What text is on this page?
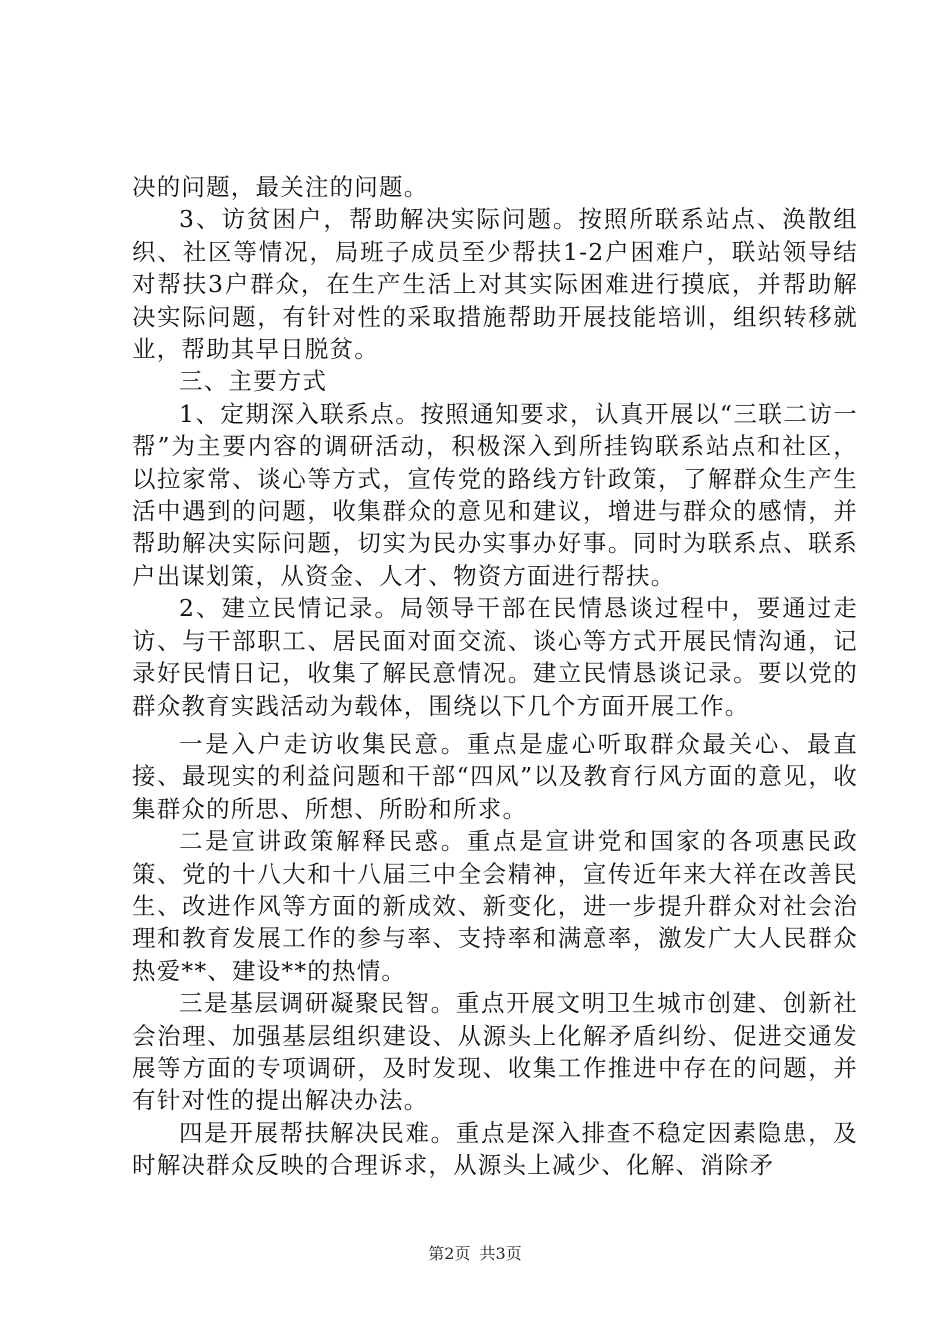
决的问题，最关注的问题。

3、访贫困户，帮助解决实际问题。按照所联系站点、涣散组织、社区等情况，局班子成员至少帮扶1-2户困难户，联站领导结对帮扶3户群众，在生产生活上对其实际困难进行摸底，并帮助解决实际问题，有针对性的采取措施帮助开展技能培训，组织转移就业，帮助其早日脱贫。

三、主要方式

1、定期深入联系点。按照通知要求，认真开展以“三联二访一帮”为主要内容的调研活动，积极深入到所挂钩联系站点和社区，以拉家常、谈心等方式，宣传党的路线方针政策，了解群众生产生活中遇到的问题，收集群众的意见和建议，增进与群众的感情，并帮助解决实际问题，切实为民办实事办好事。同时为联系点、联系户出谋划策，从资金、人才、物资方面进行帮扶。

2、建立民情记录。局领导干部在民情恳谈过程中，要通过走访、与干部职工、居民面对面交流、谈心等方式开展民情沟通，记录好民情日记，收集了解民意情况。建立民情恳谈记录。要以党的群众教育实践活动为载体，围绕以下几个方面开展工作。

一是入户走访收集民意。重点是虚心听取群众最关心、最直接、最现实的利益问题和干部“四风”以及教育行风方面的意见，收集群众的所思、所想、所盼和所求。

二是宣讲政策解释民惑。重点是宣讲党和国家的各项惠民政策、党的十八大和十八届三中全会精神，宣传近年来大祥在改善民生、改进作风等方面的新成效、新变化，进一步提升群众对社会治理和教育发展工作的参与率、支持率和满意率，激发广大人民群众热爱**、建设**的热情。

三是基层调研凝聚民智。重点开展文明卫生城市创建、创新社会治理、加强基层组织建设、从源头上化解矛盾纠纷、促进交通发展等方面的专项调研，及时发现、收集工作推进中存在的问题，并有针对性的提出解决办法。

四是开展帮扶解决民难。重点是深入排查不稳定因素隐患，及时解决群众反映的合理诉求，从源头上减少、化解、消除矛

第2页 共3页
